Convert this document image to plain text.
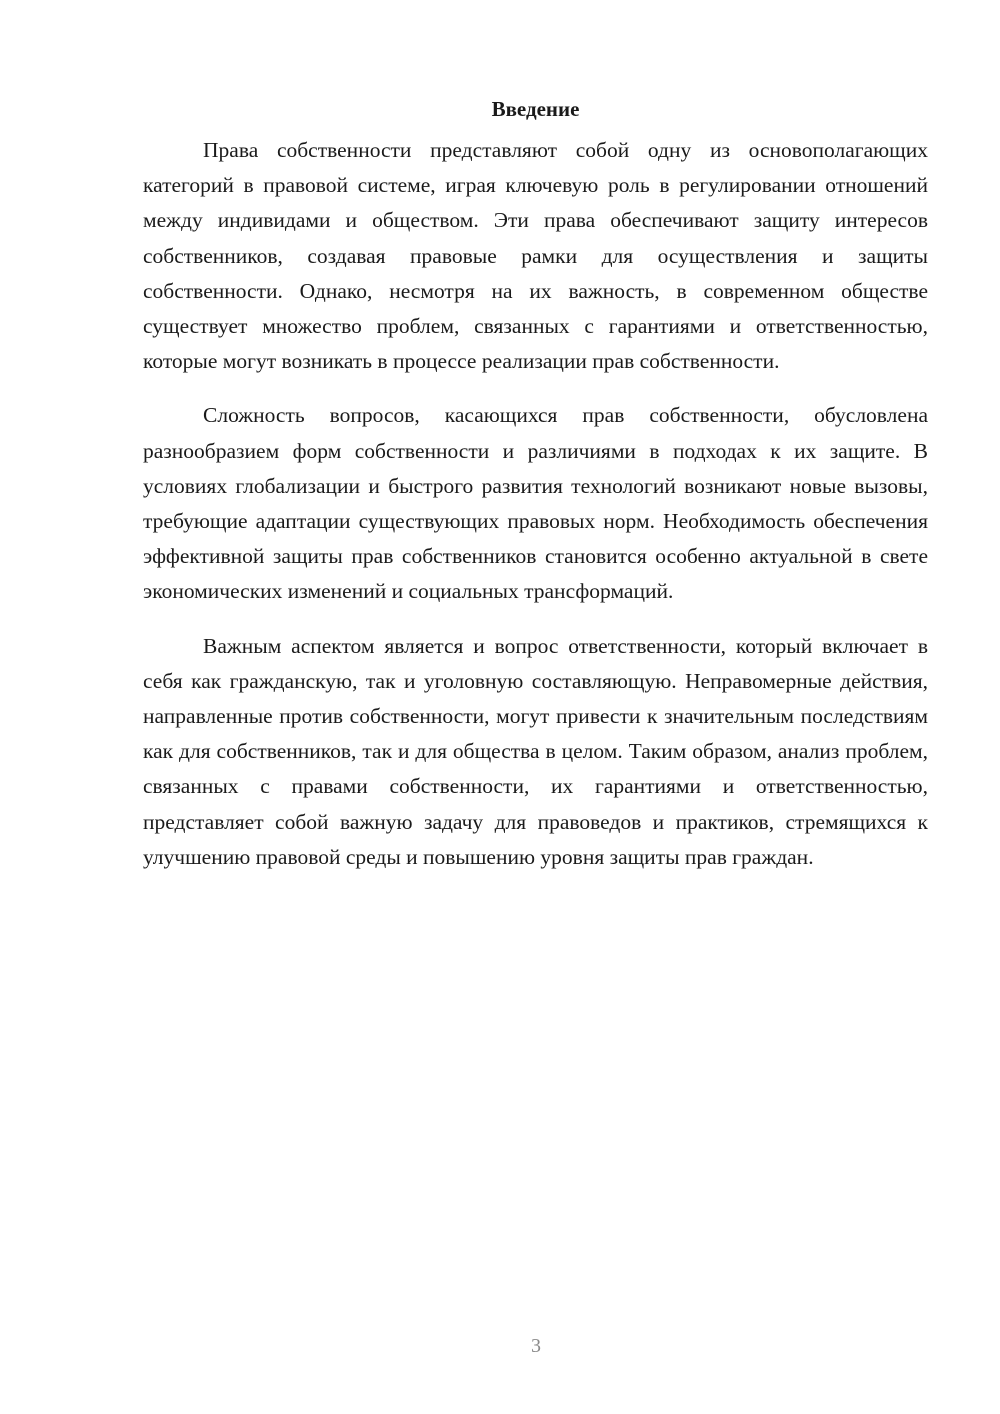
Введение

Права собственности представляют собой одну из основополагающих категорий в правовой системе, играя ключевую роль в регулировании отношений между индивидами и обществом. Эти права обеспечивают защиту интересов собственников, создавая правовые рамки для осуществления и защиты собственности. Однако, несмотря на их важность, в современном обществе существует множество проблем, связанных с гарантиями и ответственностью, которые могут возникать в процессе реализации прав собственности.

Сложность вопросов, касающихся прав собственности, обусловлена разнообразием форм собственности и различиями в подходах к их защите. В условиях глобализации и быстрого развития технологий возникают новые вызовы, требующие адаптации существующих правовых норм. Необходимость обеспечения эффективной защиты прав собственников становится особенно актуальной в свете экономических изменений и социальных трансформаций.

Важным аспектом является и вопрос ответственности, который включает в себя как гражданскую, так и уголовную составляющую. Неправомерные действия, направленные против собственности, могут привести к значительным последствиям как для собственников, так и для общества в целом. Таким образом, анализ проблем, связанных с правами собственности, их гарантиями и ответственностью, представляет собой важную задачу для правоведов и практиков, стремящихся к улучшению правовой среды и повышению уровня защиты прав граждан.

3
